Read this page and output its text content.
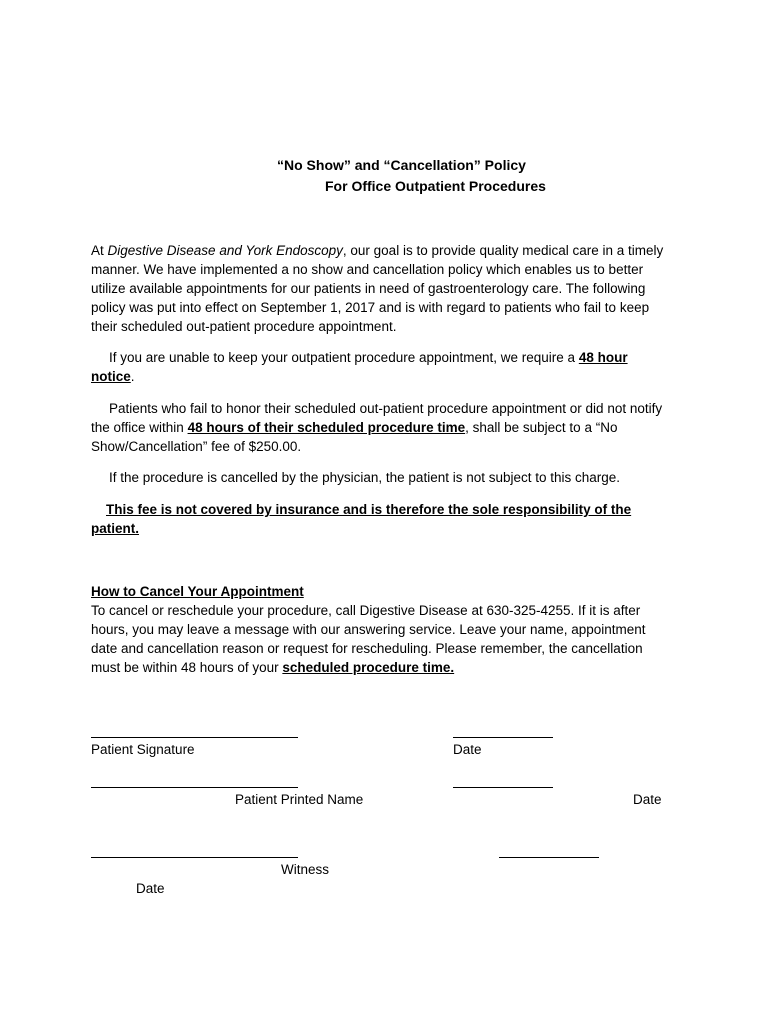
“No Show” and “Cancellation” Policy
For Office Outpatient Procedures
At Digestive Disease and York Endoscopy, our goal is to provide quality medical care in a timely
manner. We have implemented a no show and cancellation policy which enables us to better
utilize available appointments for our patients in need of gastroenterology care. The following
policy was put into effect on September 1, 2017 and is with regard to patients who fail to keep
their scheduled out-patient procedure appointment.
If you are unable to keep your outpatient procedure appointment, we require a 48 hour
notice.
Patients who fail to honor their scheduled out-patient procedure appointment or did not notify
the office within 48 hours of their scheduled procedure time, shall be subject to a “No
Show/Cancellation” fee of $250.00.
If the procedure is cancelled by the physician, the patient is not subject to this charge.
This fee is not covered by insurance and is therefore the sole responsibility of the
patient.
How to Cancel Your Appointment
To cancel or reschedule your procedure, call Digestive Disease at 630-325-4255. If it is after
hours, you may leave a message with our answering service. Leave your name, appointment
date and cancellation reason or request for rescheduling. Please remember, the cancellation
must be within 48 hours of your scheduled procedure time.
Patient Signature	Date
Patient Printed Name	Date
Witness
Date
